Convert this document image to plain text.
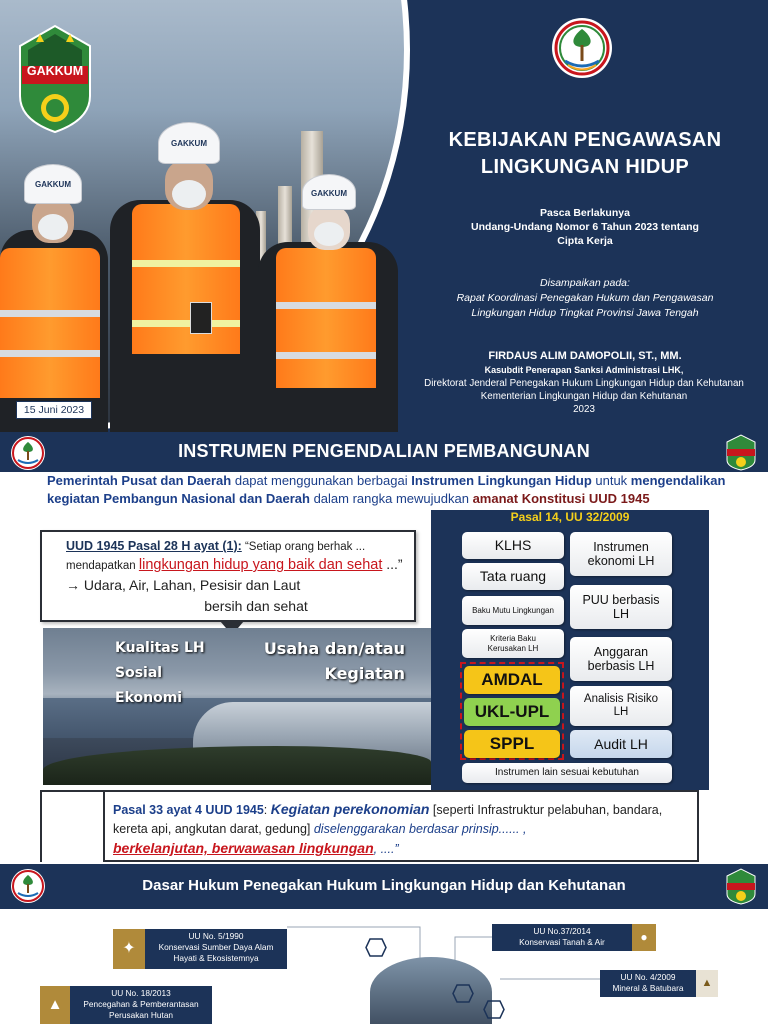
GAKKUM
GAKKUM
GAKKUM
GAKKUM
15 Juni 2023
KEBIJAKAN PENGAWASAN
LINGKUNGAN HIDUP
Pasca Berlakunya
Undang-Undang Nomor 6 Tahun 2023 tentang
Cipta Kerja
Disampaikan pada:
Rapat Koordinasi Penegakan Hukum dan Pengawasan
Lingkungan Hidup Tingkat Provinsi Jawa Tengah
FIRDAUS ALIM DAMOPOLII, ST., MM.
Kasubdit Penerapan Sanksi Administrasi LHK,
Direktorat Jenderal Penegakan Hukum Lingkungan Hidup dan Kehutanan
Kementerian Lingkungan Hidup dan Kehutanan
2023
INSTRUMEN PENGENDALIAN PEMBANGUNAN
Pemerintah Pusat dan Daerah dapat menggunakan berbagai Instrumen Lingkungan Hidup untuk mengendalikan kegiatan Pembangun Nasional dan Daerah dalam rangka mewujudkan amanat Konstitusi UUD 1945
UUD 1945 Pasal 28 H ayat (1): “Setiap orang berhak ...
mendapatkan lingkungan hidup yang baik dan sehat ...” → Udara, Air, Lahan, Pesisir dan Laut
bersih dan sehat
Kualitas LH
Sosial
Ekonomi
Usaha dan/atau
Kegiatan
Pasal 14, UU 32/2009
KLHS
Tata ruang
Baku Mutu Lingkungan
Kriteria Baku Kerusakan LH
AMDAL
UKL-UPL
SPPL
Instrumen ekonomi LH
PUU berbasis LH
Anggaran berbasis LH
Analisis Risiko LH
Audit LH
Instrumen lain sesuai kebutuhan
Pasal 33 ayat 4 UUD 1945: Kegiatan perekonomian [seperti Infrastruktur pelabuhan, bandara, kereta api, angkutan darat, gedung] diselenggarakan berdasar prinsip...... ,
berkelanjutan, berwawasan lingkungan, ....”
Dasar Hukum Penegakan Hukum Lingkungan Hidup dan Kehutanan
✦
UU No. 5/1990
Konservasi Sumber Daya Alam Hayati & Ekosistemnya
UU No.37/2014
Konservasi Tanah & Air	●
UU No. 4/2009
Mineral & Batubara	▲
▲
UU No. 18/2013
Pencegahan & Pemberantasan Perusakan Hutan
